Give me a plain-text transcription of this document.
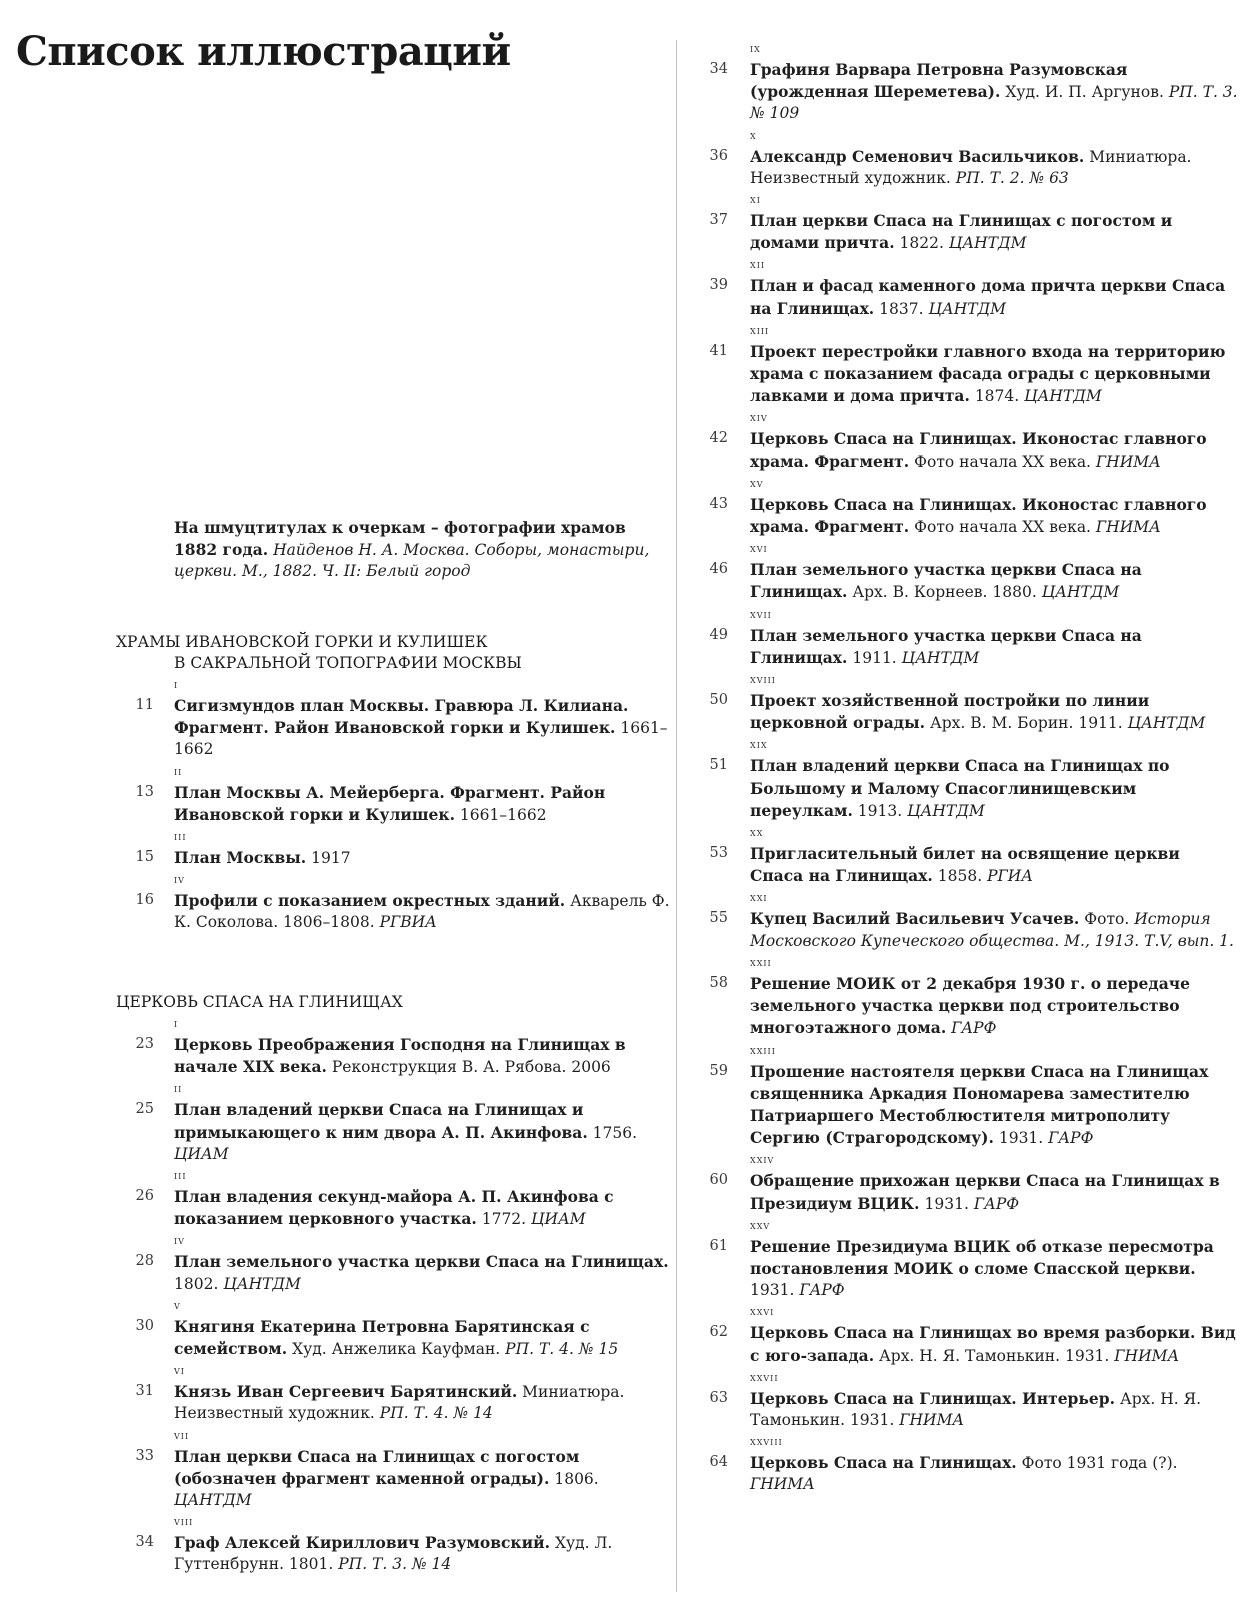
Список иллюстраций
На шмуцтитулах к очеркам – фотографии храмов 1882 года. Найденов Н. А. Москва. Соборы, монастыри, церкви. М., 1882. Ч. II: Белый город
ХРАМЫ ИВАНОВСКОЙ ГОРКИ И КУЛИШЕК
В САКРАЛЬНОЙ ТОПОГРАФИИ МОСКВЫ
i
11 Сигизмундов план Москвы. Гравюра Л. Килиана. Фрагмент. Район Ивановской горки и Кулишек. 1661–1662
ii
13 План Москвы А. Мейерберга. Фрагмент. Район Ивановской горки и Кулишек. 1661–1662
iii
15 План Москвы. 1917
iv
16 Профили с показанием окрестных зданий. Акварель Ф. К. Соколова. 1806–1808. РГВИА
ЦЕРКОВЬ СПАСА НА ГЛИНИЩАХ
i
23 Церковь Преображения Господня на Глинищах в начале XIX века. Реконструкция В. А. Рябова. 2006
ii
25 План владений церкви Спаса на Глинищах и примыкающего к ним двора А. П. Акинфова. 1756. ЦИАМ
iii
26 План владения секунд-майора А. П. Акинфова с показанием церковного участка. 1772. ЦИАМ
iv
28 План земельного участка церкви Спаса на Глинищах. 1802. ЦАНТДМ
v
30 Княгиня Екатерина Петровна Барятинская с семейством. Худ. Анжелика Кауфман. РП. Т. 4. № 15
vi
31 Князь Иван Сергеевич Барятинский. Миниатюра. Неизвестный художник. РП. Т. 4. № 14
vii
33 План церкви Спаса на Глинищах с погостом (обозначен фрагмент каменной ограды). 1806. ЦАНТДМ
viii
34 Граф Алексей Кириллович Разумовский. Худ. Л. Гуттенбрунн. 1801. РП. Т. 3. № 14
ix
34 Графиня Варвара Петровна Разумовская (урожденная Шереметева). Худ. И. П. Аргунов. РП. Т. 3. № 109
x
36 Александр Семенович Васильчиков. Миниатюра. Неизвестный художник. РП. Т. 2. № 63
xi
37 План церкви Спаса на Глинищах с погостом и домами причта. 1822. ЦАНТДМ
xii
39 План и фасад каменного дома причта церкви Спаса на Глинищах. 1837. ЦАНТДМ
xiii
41 Проект перестройки главного входа на территорию храма с показанием фасада ограды с церковными лавками и дома причта. 1874. ЦАНТДМ
xiv
42 Церковь Спаса на Глинищах. Иконостас главного храма. Фрагмент. Фото начала XX века. ГНИМА
xv
43 Церковь Спаса на Глинищах. Иконостас главного храма. Фрагмент. Фото начала XX века. ГНИМА
xvi
46 План земельного участка церкви Спаса на Глинищах. Арх. В. Корнеев. 1880. ЦАНТДМ
xvii
49 План земельного участка церкви Спаса на Глинищах. 1911. ЦАНТДМ
xviii
50 Проект хозяйственной постройки по линии церковной ограды. Арх. В. М. Борин. 1911. ЦАНТДМ
xix
51 План владений церкви Спаса на Глинищах по Большому и Малому Спасоглинищевским переулкам. 1913. ЦАНТДМ
xx
53 Пригласительный билет на освящение церкви Спаса на Глинищах. 1858. РГИА
xxi
55 Купец Василий Васильевич Усачев. Фото. История Московского Купеческого общества. М., 1913. Т.V, вып. 1.
xxii
58 Решение МОИК от 2 декабря 1930 г. о передаче земельного участка церкви под строительство многоэтажного дома. ГАРФ
xxiii
59 Прошение настоятеля церкви Спаса на Глинищах священника Аркадия Пономарева заместителю Патриаршего Местоблюстителя митрополиту Сергию (Страгородскому). 1931. ГАРФ
xxiv
60 Обращение прихожан церкви Спаса на Глинищах в Президиум ВЦИК. 1931. ГАРФ
xxv
61 Решение Президиума ВЦИК об отказе пересмотра постановления МОИК о сломе Спасской церкви. 1931. ГАРФ
xxvi
62 Церковь Спаса на Глинищах во время разборки. Вид с юго-запада. Арх. Н. Я. Тамонькин. 1931. ГНИМА
xxvii
63 Церковь Спаса на Глинищах. Интерьер. Арх. Н. Я. Тамонькин. 1931. ГНИМА
xxviii
64 Церковь Спаса на Глинищах. Фото 1931 года (?). ГНИМА
